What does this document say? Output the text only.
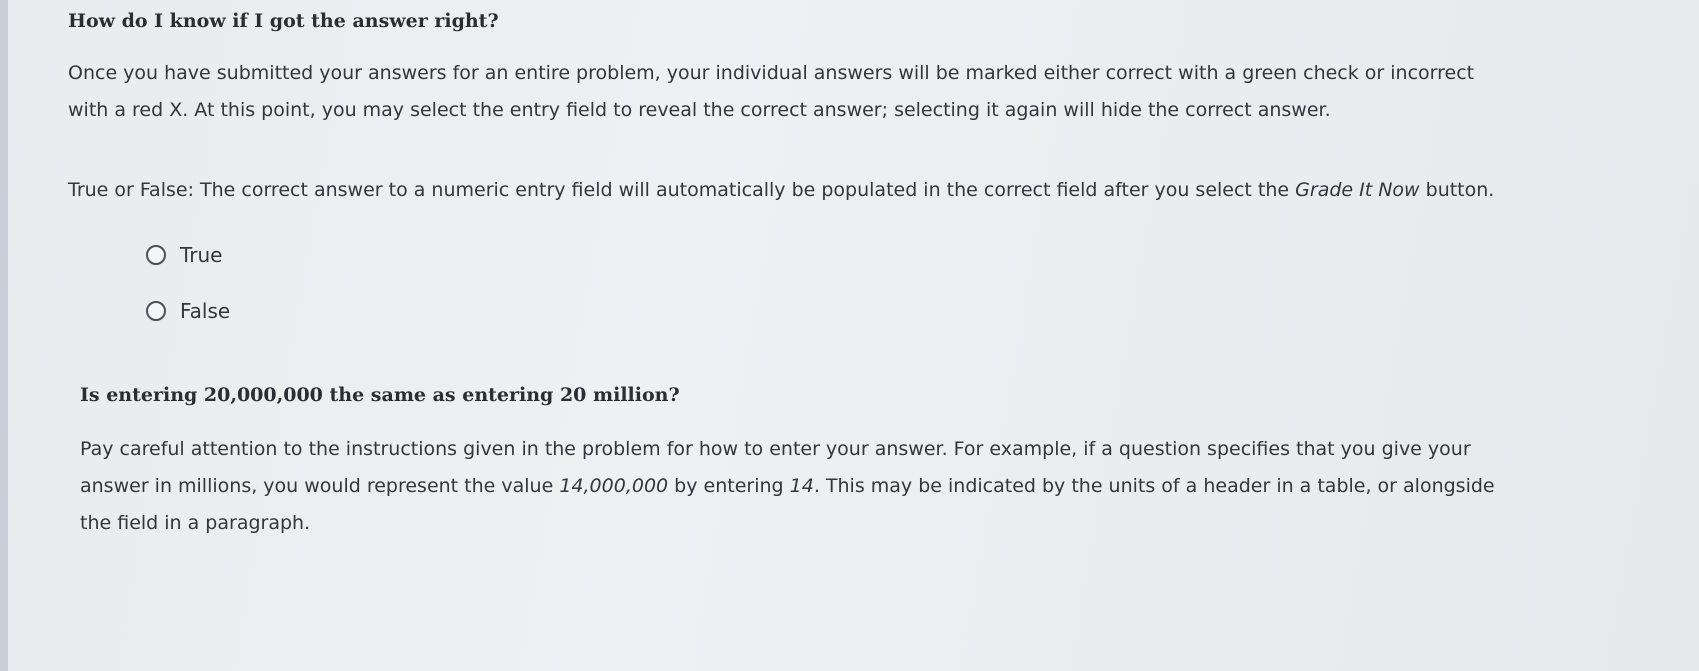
How do I know if I got the answer right?
Once you have submitted your answers for an entire problem, your individual answers will be marked either correct with a green check or incorrect
with a red X. At this point, you may select the entry field to reveal the correct answer; selecting it again will hide the correct answer.
True or False: The correct answer to a numeric entry field will automatically be populated in the correct field after you select the Grade It Now button.
True
False
Is entering 20,000,000 the same as entering 20 million?
Pay careful attention to the instructions given in the problem for how to enter your answer. For example, if a question specifies that you give your
answer in millions, you would represent the value 14,000,000 by entering 14. This may be indicated by the units of a header in a table, or alongside
the field in a paragraph.
